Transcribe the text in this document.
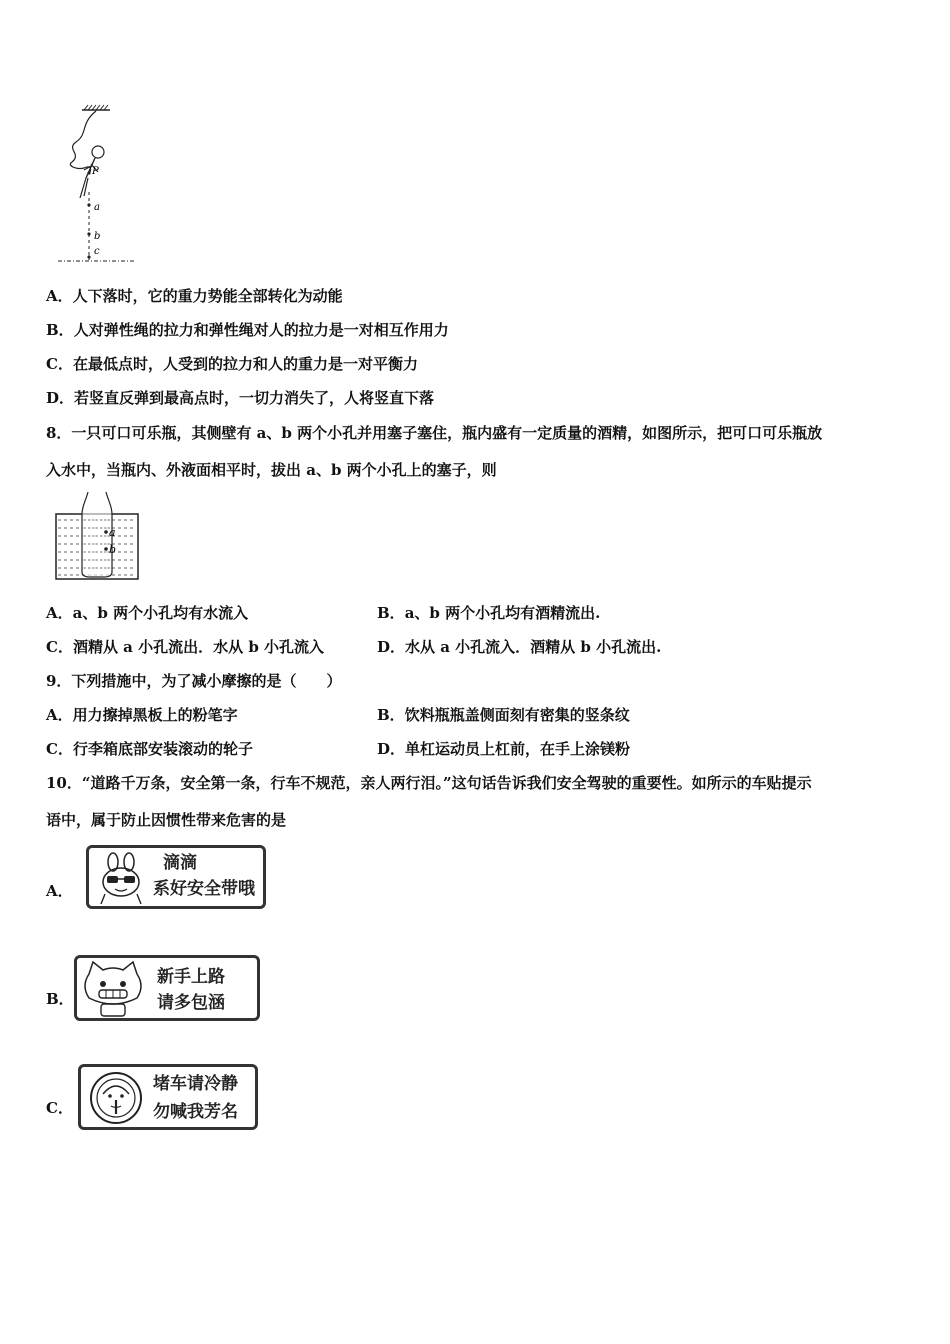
P
a
b
c
A．人下落时，它的重力势能全部转化为动能
B．人对弹性绳的拉力和弹性绳对人的拉力是一对相互作用力
C．在最低点时，人受到的拉力和人的重力是一对平衡力
D．若竖直反弹到最高点时，一切力消失了，人将竖直下落
8．一只可口可乐瓶，其侧壁有 a、b 两个小孔并用塞子塞住，瓶内盛有一定质量的酒精，如图所示，把可口可乐瓶放
入水中，当瓶内、外液面相平时，拔出 a、b 两个小孔上的塞子，则
a
b
A．a、b 两个小孔均有水流入	B．a、b 两个小孔均有酒精流出.
C．酒精从 a 小孔流出．水从 b 小孔流入	D．水从 a 小孔流入．酒精从 b 小孔流出.
9．下列措施中，为了减小摩擦的是（　　）
A．用力擦掉黑板上的粉笔字	B．饮料瓶瓶盖侧面刻有密集的竖条纹
C．行李箱底部安装滚动的轮子	D．单杠运动员上杠前，在手上涂镁粉
10．“道路千万条，安全第一条，行车不规范，亲人两行泪。”这句话告诉我们安全驾驶的重要性。如所示的车贴提示
语中，属于防止因惯性带来危害的是
A．
滴滴
系好安全带哦
B．
新手上路
请多包涵
C．
堵车请冷静
勿喊我芳名
